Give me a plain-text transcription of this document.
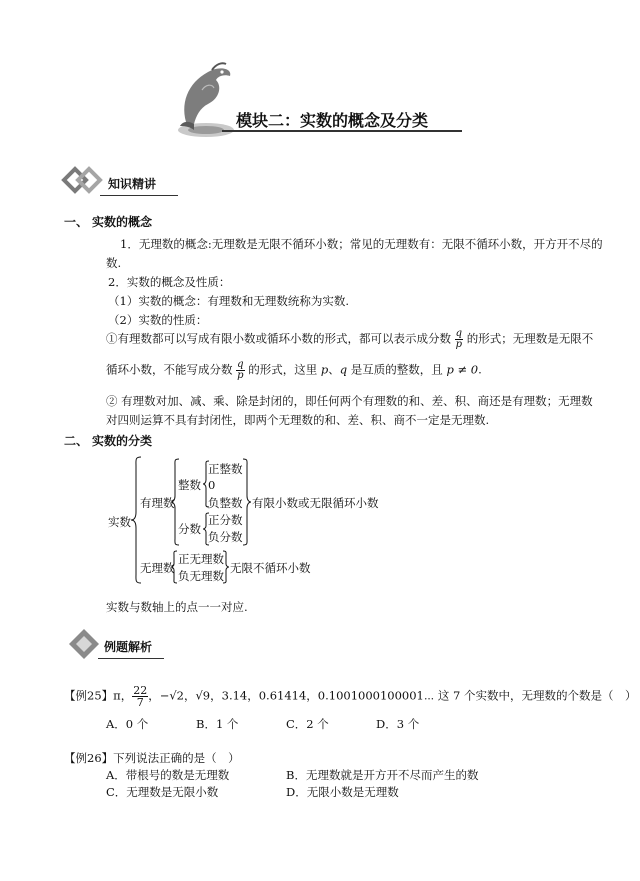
模块二：实数的概念及分类
知识精讲
一、 实数的概念
1．无理数的概念:无理数是无限不循环小数；常见的无理数有：无限不循环小数，开方开不尽的
数.
2．实数的概念及性质：
（1）实数的概念：有理数和无理数统称为实数.
（2）实数的性质：
①有理数都可以写成有限小数或循环小数的形式，都可以表示成分数 $\frac{q}{p}$ 的形式；无理数是无限不
循环小数，不能写成分数 $\frac{q}{p}$ 的形式，这里 p、q 是互质的整数，且 p ≠ 0.
② 有理数对加、减、乘、除是封闭的，即任何两个有理数的和、差、积、商还是有理数；无理数
对四则运算不具有封闭性，即两个无理数的和、差、积、商不一定是无理数.
二、 实数的分类
实数
有理数
整数
正整数
0
负整数
分数
正分数
负分数
有限小数或无限循环小数
无理数
正无理数
负无理数
无限不循环小数
实数与数轴上的点一一对应.
例题解析
【例25】π， $\frac{22}{7}$ ，−√2，√9，3.14，0.61414，0.1001000100001⋯ 这 7 个实数中，无理数的个数是（　）
A．0 个	B．1 个	C．2 个	D．3 个
【例26】下列说法正确的是（　）
A．带根号的数是无理数	B．无理数就是开方开不尽而产生的数
C．无理数是无限小数	D．无限小数是无理数
